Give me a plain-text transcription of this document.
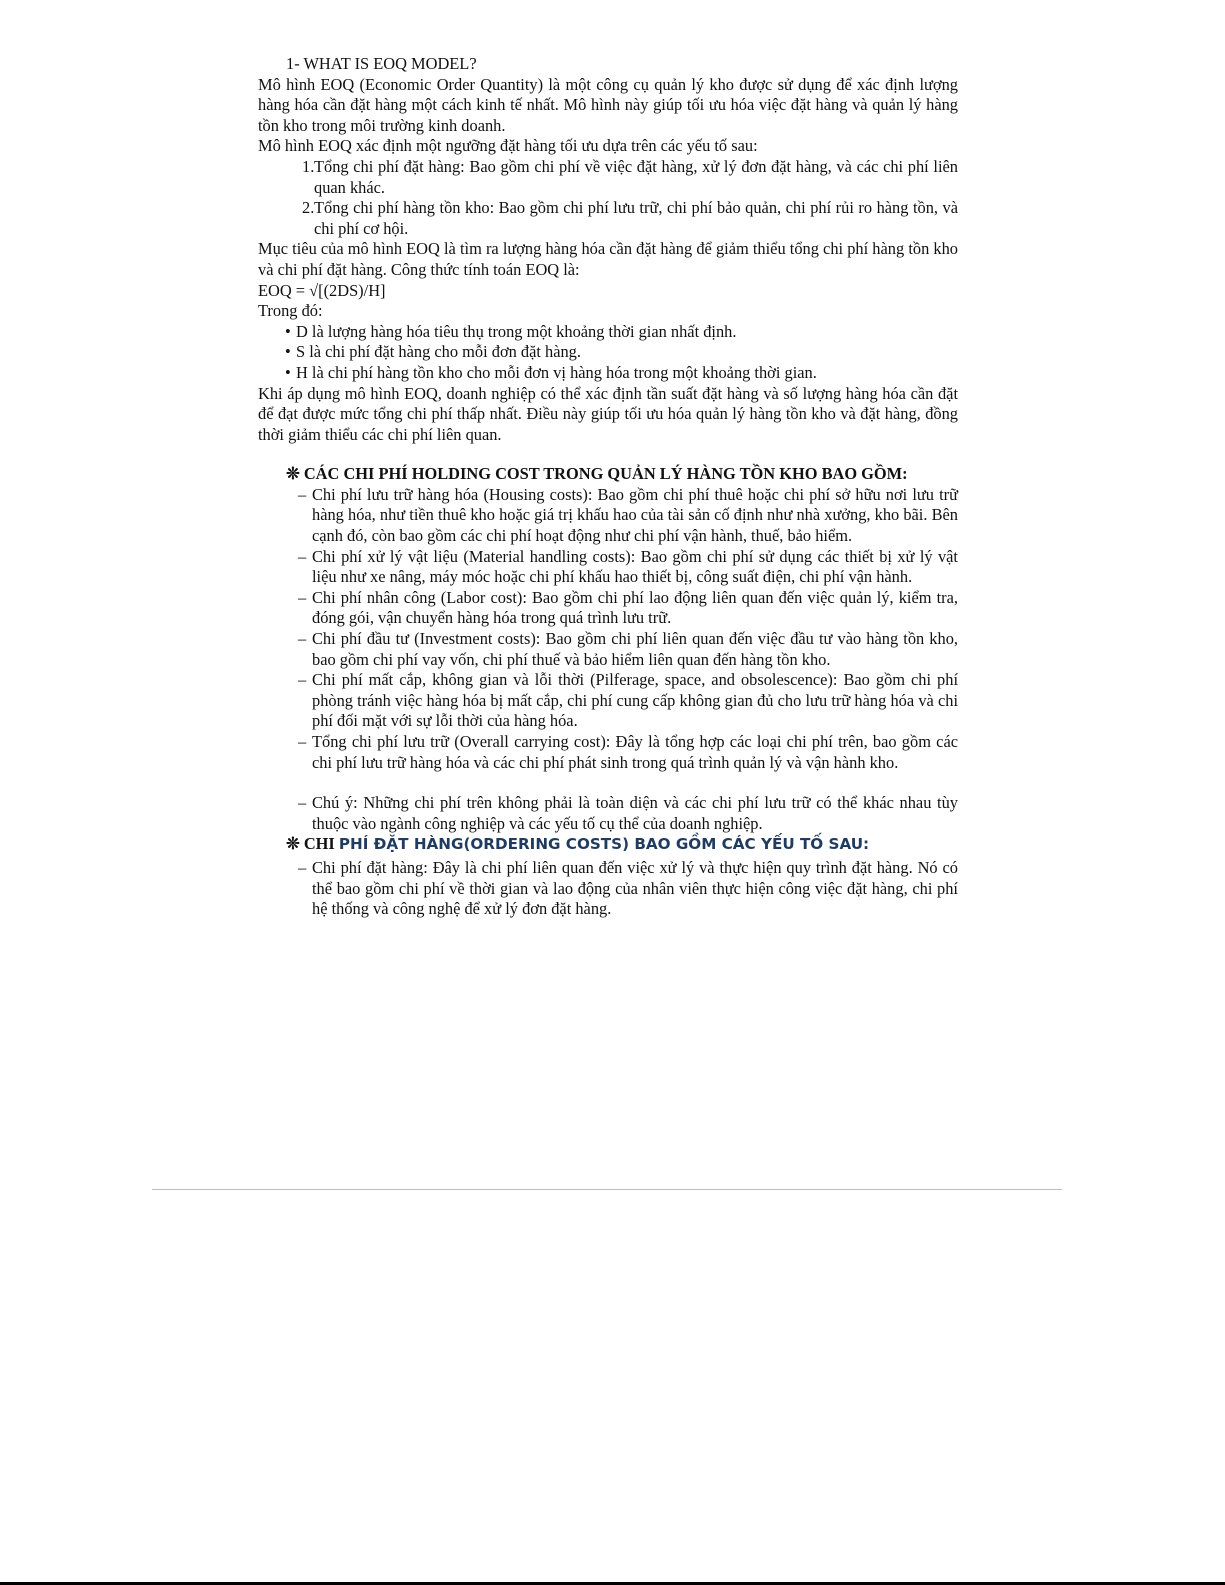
1- WHAT IS EOQ MODEL?

Mô hình EOQ (Economic Order Quantity) là một công cụ quản lý kho được sử dụng để xác định lượng hàng hóa cần đặt hàng một cách kinh tế nhất. Mô hình này giúp tối ưu hóa việc đặt hàng và quản lý hàng tồn kho trong môi trường kinh doanh.

Mô hình EOQ xác định một ngưỡng đặt hàng tối ưu dựa trên các yếu tố sau:

1. Tổng chi phí đặt hàng: Bao gồm chi phí về việc đặt hàng, xử lý đơn đặt hàng, và các chi phí liên quan khác.
2. Tổng chi phí hàng tồn kho: Bao gồm chi phí lưu trữ, chi phí bảo quản, chi phí rủi ro hàng tồn, và chi phí cơ hội.

Mục tiêu của mô hình EOQ là tìm ra lượng hàng hóa cần đặt hàng để giảm thiểu tổng chi phí hàng tồn kho và chi phí đặt hàng. Công thức tính toán EOQ là:

EOQ = √[(2DS)/H]

Trong đó:

• D là lượng hàng hóa tiêu thụ trong một khoảng thời gian nhất định.
• S là chi phí đặt hàng cho mỗi đơn đặt hàng.
• H là chi phí hàng tồn kho cho mỗi đơn vị hàng hóa trong một khoảng thời gian.

Khi áp dụng mô hình EOQ, doanh nghiệp có thể xác định tần suất đặt hàng và số lượng hàng hóa cần đặt để đạt được mức tổng chi phí thấp nhất. Điều này giúp tối ưu hóa quản lý hàng tồn kho và đặt hàng, đồng thời giảm thiểu các chi phí liên quan.

❊ CÁC CHI PHÍ HOLDING COST TRONG QUẢN LÝ HÀNG TỒN KHO BAO GỒM:

– Chi phí lưu trữ hàng hóa (Housing costs): Bao gồm chi phí thuê hoặc chi phí sở hữu nơi lưu trữ hàng hóa, như tiền thuê kho hoặc giá trị khấu hao của tài sản cố định như nhà xưởng, kho bãi. Bên cạnh đó, còn bao gồm các chi phí hoạt động như chi phí vận hành, thuế, bảo hiểm.
– Chi phí xử lý vật liệu (Material handling costs): Bao gồm chi phí sử dụng các thiết bị xử lý vật liệu như xe nâng, máy móc hoặc chi phí khấu hao thiết bị, công suất điện, chi phí vận hành.
– Chi phí nhân công (Labor cost): Bao gồm chi phí lao động liên quan đến việc quản lý, kiểm tra, đóng gói, vận chuyển hàng hóa trong quá trình lưu trữ.
– Chi phí đầu tư (Investment costs): Bao gồm chi phí liên quan đến việc đầu tư vào hàng tồn kho, bao gồm chi phí vay vốn, chi phí thuế và bảo hiểm liên quan đến hàng tồn kho.
– Chi phí mất cắp, không gian và lỗi thời (Pilferage, space, and obsolescence): Bao gồm chi phí phòng tránh việc hàng hóa bị mất cắp, chi phí cung cấp không gian đủ cho lưu trữ hàng hóa và chi phí đối mặt với sự lỗi thời của hàng hóa.
– Tổng chi phí lưu trữ (Overall carrying cost): Đây là tổng hợp các loại chi phí trên, bao gồm các chi phí lưu trữ hàng hóa và các chi phí phát sinh trong quá trình quản lý và vận hành kho.
– Chú ý: Những chi phí trên không phải là toàn diện và các chi phí lưu trữ có thể khác nhau tùy thuộc vào ngành công nghiệp và các yếu tố cụ thể của doanh nghiệp.

❊ CHI PHÍ ĐẶT HÀNG(ORDERING COSTS) BAO GỒM CÁC YẾU TỐ SAU:

– Chi phí đặt hàng: Đây là chi phí liên quan đến việc xử lý và thực hiện quy trình đặt hàng. Nó có thể bao gồm chi phí về thời gian và lao động của nhân viên thực hiện công việc đặt hàng, chi phí hệ thống và công nghệ để xử lý đơn đặt hàng.
